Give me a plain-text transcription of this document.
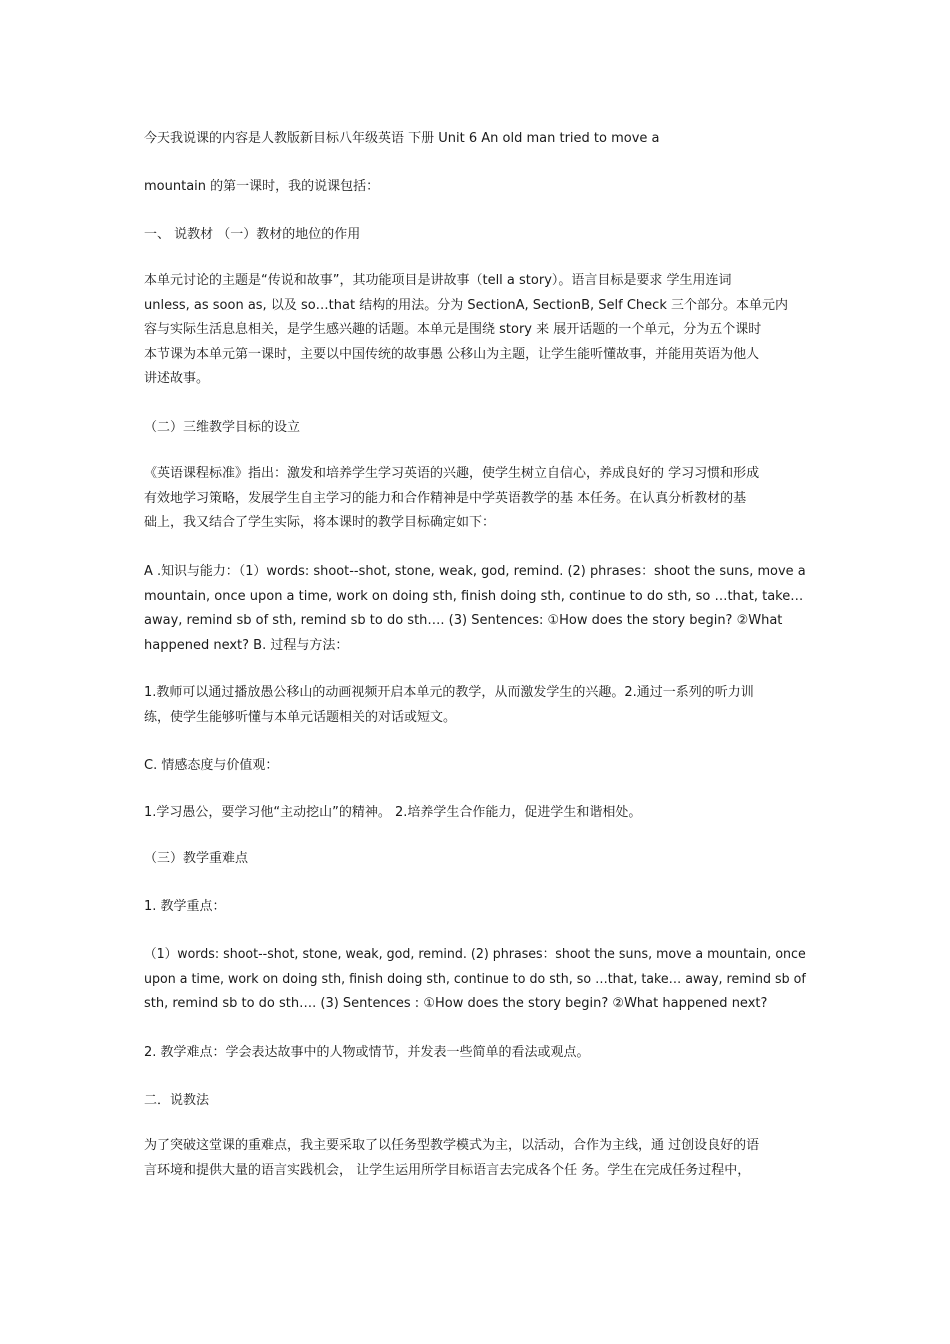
今天我说课的内容是人教版新目标八年级英语 下册 Unit 6 An old man tried to move a
mountain 的第一课时，我的说课包括：
一、 说教材 （一）教材的地位的作用
本单元讨论的主题是“传说和故事”，其功能项目是讲故事（tell a story）。语言目标是要求 学生用连词
unless, as soon as, 以及 so…that 结构的用法。分为 SectionA, SectionB, Self Check 三个部分。本单元内
容与实际生活息息相关，是学生感兴趣的话题。本单元是围绕 story 来 展开话题的一个单元，分为五个课时
本节课为本单元第一课时，主要以中国传统的故事愚 公移山为主题，让学生能听懂故事，并能用英语为他人
讲述故事。
（二）三维教学目标的设立
《英语课程标准》指出：激发和培养学生学习英语的兴趣，使学生树立自信心，养成良好的 学习习惯和形成
有效地学习策略，发展学生自主学习的能力和合作精神是中学英语教学的基 本任务。在认真分析教材的基
础上，我又结合了学生实际，将本课时的教学目标确定如下：
A .知识与能力：（1）words: shoot--shot, stone, weak, god, remind. (2) phrases：shoot the suns, move a
mountain, once upon a time, work on doing sth, finish doing sth, continue to do sth, so …that, take…
away, remind sb of sth, remind sb to do sth…. (3) Sentences: ①How does the story begin? ②What
happened next? B. 过程与方法：
1.教师可以通过播放愚公移山的动画视频开启本单元的教学，从而激发学生的兴趣。2.通过一系列的听力训
练，使学生能够听懂与本单元话题相关的对话或短文。
C. 情感态度与价值观：
1.学习愚公，要学习他“主动挖山”的精神。 2.培养学生合作能力，促进学生和谐相处。
（三）教学重难点
1. 教学重点：
（1）words: shoot--shot, stone, weak, god, remind. (2) phrases：shoot the suns, move a mountain, once
upon a time, work on doing sth, finish doing sth, continue to do sth, so …that, take… away, remind sb of
sth, remind sb to do sth…. (3) Sentences : ①How does the story begin? ②What happened next?
2. 教学难点：学会表达故事中的人物或情节，并发表一些简单的看法或观点。
二．说教法
为了突破这堂课的重难点，我主要采取了以任务型教学模式为主，以活动，合作为主线，通 过创设良好的语
言环境和提供大量的语言实践机会， 让学生运用所学目标语言去完成各个任 务。学生在完成任务过程中，
